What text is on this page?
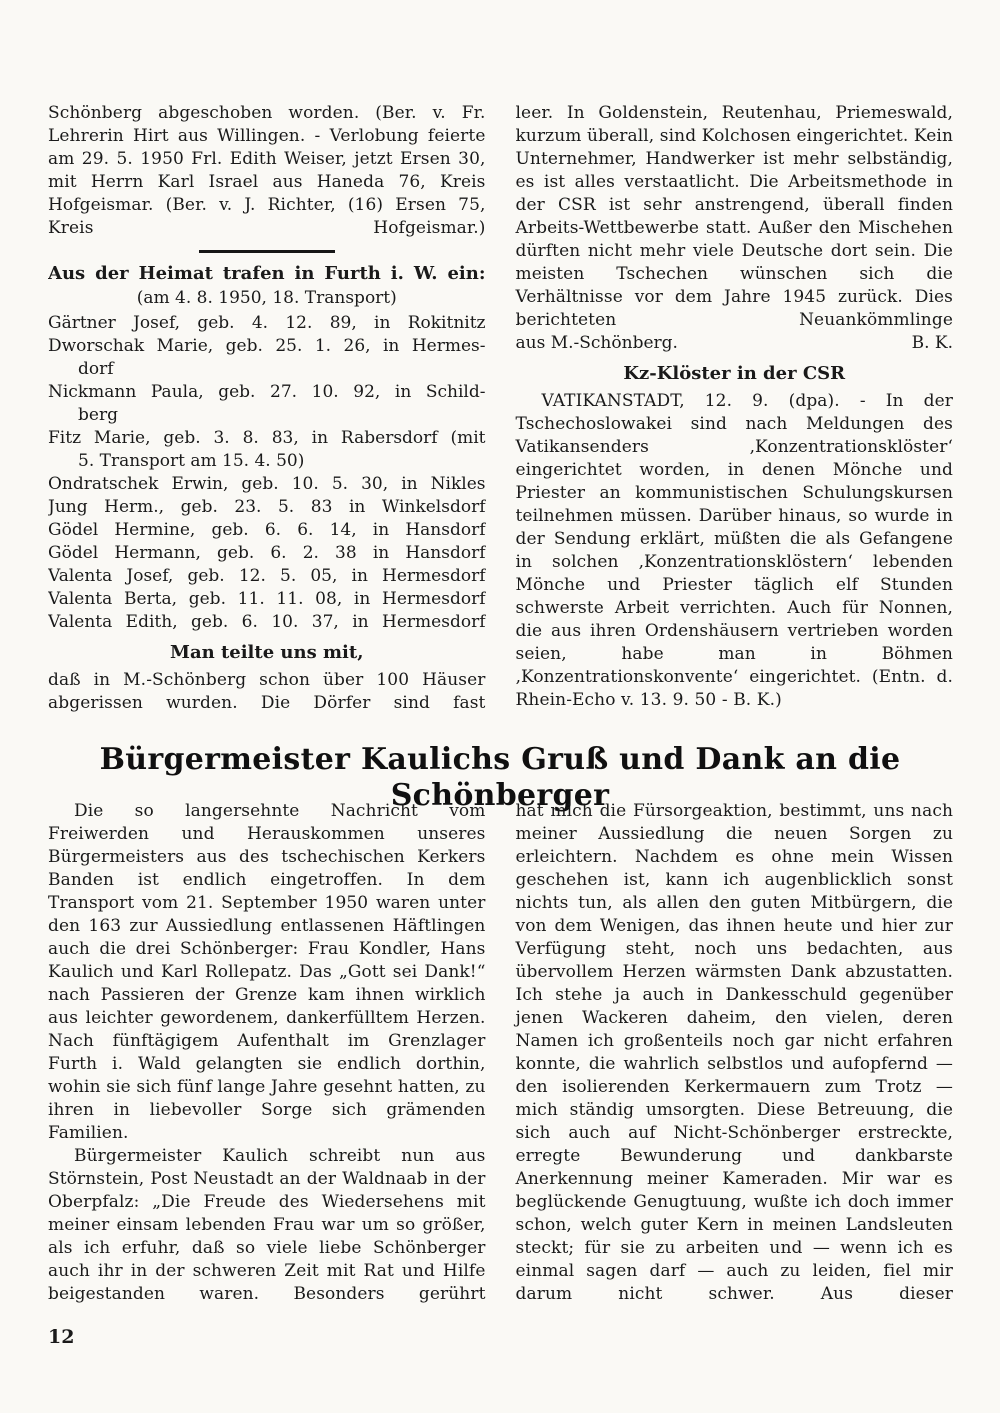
Schönberg abgeschoben worden. (Ber. v. Fr. Lehrerin Hirt aus Willingen. - Verlobung feierte am 29. 5. 1950 Frl. Edith Weiser, jetzt Ersen 30, mit Herrn Karl Israel aus Haneda 76, Kreis Hofgeismar. (Ber. v. J. Richter, (16) Ersen 75, Kreis Hofgeismar.)

Aus der Heimat trafen in Furth i. W. ein:
(am 4. 8. 1950, 18. Transport)
Gärtner Josef, geb. 4. 12. 89, in Rokitnitz
Dworschak Marie, geb. 25. 1. 26, in Hermes-
dorf
Nickmann Paula, geb. 27. 10. 92, in Schild-
berg
Fitz Marie, geb. 3. 8. 83, in Rabersdorf (mit
5. Transport am 15. 4. 50)
Ondratschek Erwin, geb. 10. 5. 30, in Nikles
Jung Herm., geb. 23. 5. 83 in Winkelsdorf
Gödel Hermine, geb. 6. 6. 14, in Hansdorf
Gödel Hermann, geb. 6. 2. 38 in Hansdorf
Valenta Josef, geb. 12. 5. 05, in Hermesdorf
Valenta Berta, geb. 11. 11. 08, in Hermesdorf
Valenta Edith, geb. 6. 10. 37, in Hermesdorf
Man teilte uns mit,

daß in M.-Schönberg schon über 100 Häuser abgerissen wurden. Die Dörfer sind fast

leer. In Goldenstein, Reutenhau, Priemeswald, kurzum überall, sind Kolchosen eingerichtet. Kein Unternehmer, Handwerker ist mehr selbständig, es ist alles verstaatlicht. Die Arbeitsmethode in der CSR ist sehr anstrengend, überall finden Arbeits-Wettbewerbe statt. Außer den Mischehen dürften nicht mehr viele Deutsche dort sein. Die meisten Tschechen wünschen sich die Verhältnisse vor dem Jahre 1945 zurück. Dies berichteten Neuankömmlinge

aus M.-Schönberg.	B. K.
Kz-Klöster in der CSR

VATIKANSTADT, 12. 9. (dpa). - In der Tschechoslowakei sind nach Meldungen des Vatikansenders ‚Konzentrationsklöster‘ eingerichtet worden, in denen Mönche und Priester an kommunistischen Schulungskursen teilnehmen müssen. Darüber hinaus, so wurde in der Sendung erklärt, müßten die als Gefangene in solchen ‚Konzentrationsklöstern‘ lebenden Mönche und Priester täglich elf Stunden schwerste Arbeit verrichten. Auch für Nonnen, die aus ihren Ordenshäusern vertrieben worden seien, habe man in Böhmen ‚Konzentrationskonvente‘ eingerichtet. (Entn. d. Rhein-Echo v. 13. 9. 50 - B. K.)

Bürgermeister Kaulichs Gruß und Dank an die Schönberger

Die so langersehnte Nachricht vom Freiwerden und Herauskommen unseres Bürgermeisters aus des tschechischen Kerkers Banden ist endlich eingetroffen. In dem Transport vom 21. September 1950 waren unter den 163 zur Aussiedlung entlassenen Häftlingen auch die drei Schönberger: Frau Kondler, Hans Kaulich und Karl Rollepatz. Das „Gott sei Dank!“ nach Passieren der Grenze kam ihnen wirklich aus leichter gewordenem, dankerfülltem Herzen. Nach fünftägigem Aufenthalt im Grenzlager Furth i. Wald gelangten sie endlich dorthin, wohin sie sich fünf lange Jahre gesehnt hatten, zu ihren in liebevoller Sorge sich grämenden Familien.

Bürgermeister Kaulich schreibt nun aus Störnstein, Post Neustadt an der Waldnaab in der Oberpfalz: „Die Freude des Wiedersehens mit meiner einsam lebenden Frau war um so größer, als ich erfuhr, daß so viele liebe Schönberger auch ihr in der schweren Zeit mit Rat und Hilfe beigestanden waren. Besonders gerührt

hat mich die Fürsorgeaktion, bestimmt, uns nach meiner Aussiedlung die neuen Sorgen zu erleichtern. Nachdem es ohne mein Wissen geschehen ist, kann ich augenblicklich sonst nichts tun, als allen den guten Mitbürgern, die von dem Wenigen, das ihnen heute und hier zur Verfügung steht, noch uns bedachten, aus übervollem Herzen wärmsten Dank abzustatten. Ich stehe ja auch in Dankesschuld gegenüber jenen Wackeren daheim, den vielen, deren Namen ich großenteils noch gar nicht erfahren konnte, die wahrlich selbstlos und aufopfernd — den isolierenden Kerkermauern zum Trotz — mich ständig umsorgten. Diese Betreuung, die sich auch auf Nicht-Schönberger erstreckte, erregte Bewunderung und dankbarste Anerkennung meiner Kameraden. Mir war es beglückende Genugtuung, wußte ich doch immer schon, welch guter Kern in meinen Landsleuten steckt; für sie zu arbeiten und — wenn ich es einmal sagen darf — auch zu leiden, fiel mir darum nicht schwer. Aus dieser

12
